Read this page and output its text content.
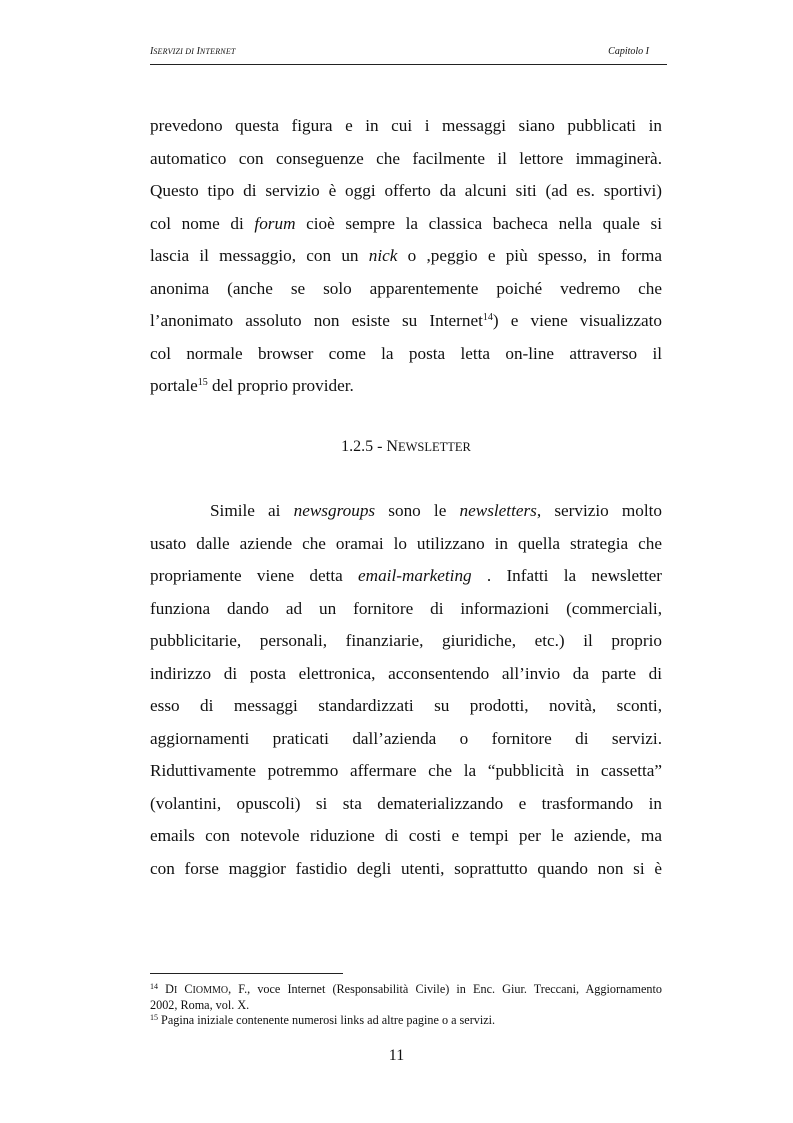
ISERVIZI DI INTERNET	Capitolo I
prevedono questa figura e in cui i messaggi siano pubblicati in
automatico con conseguenze che facilmente il lettore immaginerà.
Questo tipo di servizio è oggi offerto da alcuni siti (ad es. sportivi)
col nome di forum cioè sempre la classica bacheca nella quale si
lascia il messaggio, con un nick o ,peggio e più spesso, in forma
anonima (anche se solo apparentemente poiché vedremo che
l’anonimato assoluto non esiste su Internet$^{14}$) e viene visualizzato
col normale browser come la posta letta on-line attraverso il
portale$^{15}$ del proprio provider.
1.2.5 - NEWSLETTER
Simile ai newsgroups sono le newsletters, servizio molto
usato dalle aziende che oramai lo utilizzano in quella strategia che
propriamente viene detta email-marketing . Infatti la newsletter
funziona dando ad un fornitore di informazioni (commerciali,
pubblicitarie, personali, finanziarie, giuridiche, etc.) il proprio
indirizzo di posta elettronica, acconsentendo all’invio da parte di
esso di messaggi standardizzati su prodotti, novità, sconti,
aggiornamenti praticati dall’azienda o fornitore di servizi.
Riduttivamente potremmo affermare che la “pubblicità in cassetta”
(volantini, opuscoli) si sta dematerializzando e trasformando in
emails con notevole riduzione di costi e tempi per le aziende, ma
con forse maggior fastidio degli utenti, soprattutto quando non si è
$^{14}$ DI CIOMMO, F., voce Internet (Responsabilità Civile) in Enc. Giur. Treccani, Aggiornamento
2002, Roma, vol. X.
$^{15}$ Pagina iniziale contenente numerosi links ad altre pagine o a servizi.
11
